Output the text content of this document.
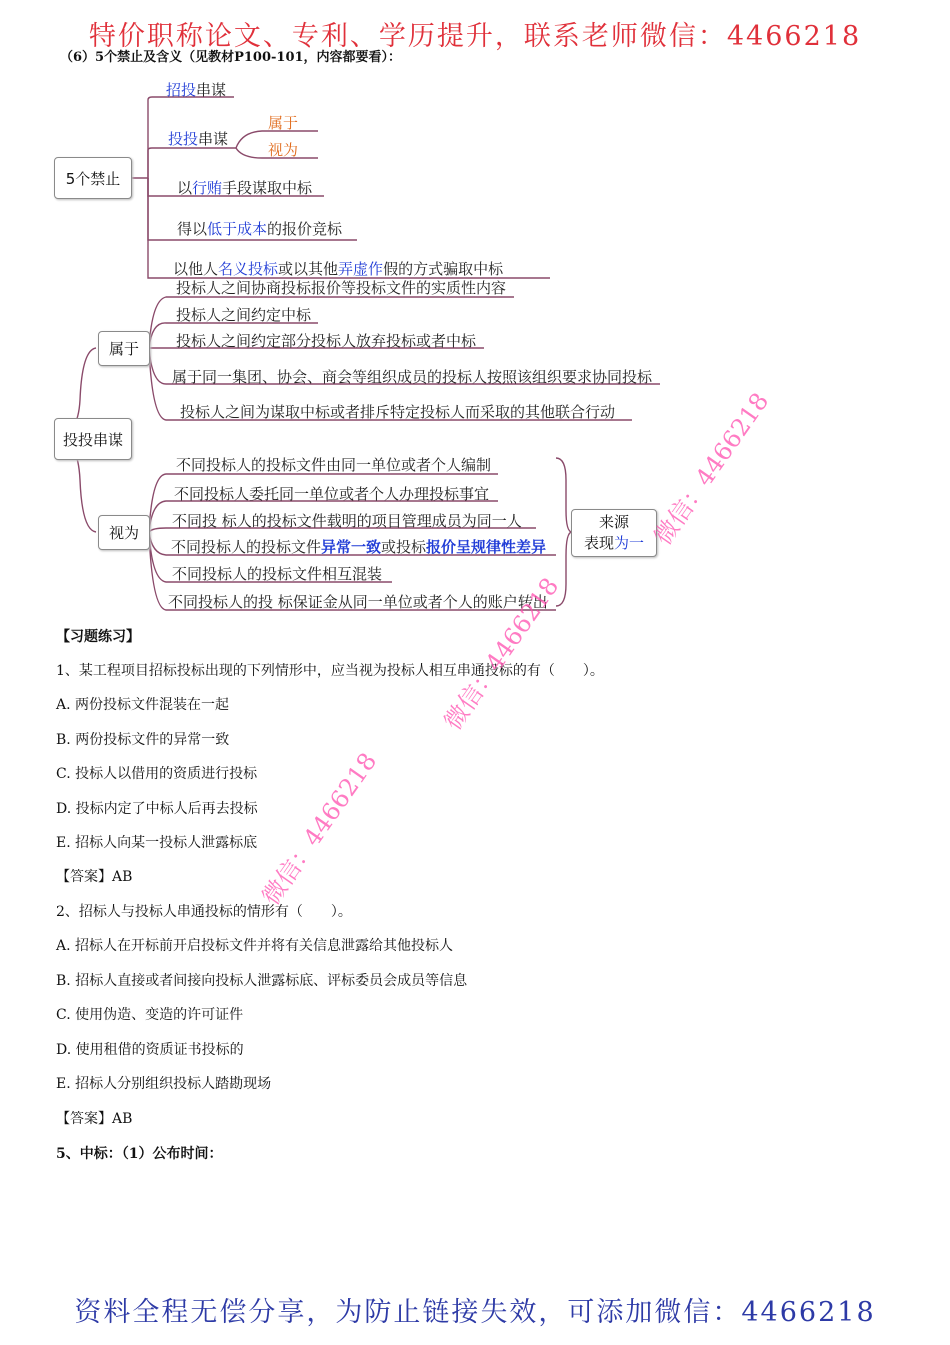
特价职称论文、专利、学历提升，联系老师微信：4466218
（6）5个禁止及含义（见教材P100-101，内容都要看）：
5个禁止
招投串谋
投投串谋
属于
视为
以行贿手段谋取中标
得以低于成本的报价竞标
以他人名义投标或以其他弄虚作假的方式骗取中标
投投串谋
属于
视为
投标人之间协商投标报价等投标文件的实质性内容
投标人之间约定中标
投标人之间约定部分投标人放弃投标或者中标
属于同一集团、协会、商会等组织成员的投标人按照该组织要求协同投标
投标人之间为谋取中标或者排斥特定投标人而采取的其他联合行动
不同投标人的投标文件由同一单位或者个人编制
不同投标人委托同一单位或者个人办理投标事宜
不同投 标人的投标文件载明的项目管理成员为同一人
不同投标人的投标文件异常一致或投标报价呈规律性差异
不同投标人的投标文件相互混装
不同投标人的投 标保证金从同一单位或者个人的账户转出
来源
表现为一
【习题练习】
1、某工程项目招标投标出现的下列情形中，应当视为投标人相互串通投标的有（　　）。
A. 两份投标文件混装在一起
B. 两份投标文件的异常一致
C. 投标人以借用的资质进行投标
D. 投标内定了中标人后再去投标
E. 招标人向某一投标人泄露标底
【答案】AB
2、招标人与投标人串通投标的情形有（　　）。
A. 招标人在开标前开启投标文件并将有关信息泄露给其他投标人
B. 招标人直接或者间接向投标人泄露标底、评标委员会成员等信息
C. 使用伪造、变造的许可证件
D. 使用租借的资质证书投标的
E. 招标人分别组织投标人踏勘现场
【答案】AB
5、中标：（1）公布时间：
微信：4466218
微信：4466218
微信：4466218
资料全程无偿分享，为防止链接失效，可添加微信：4466218
